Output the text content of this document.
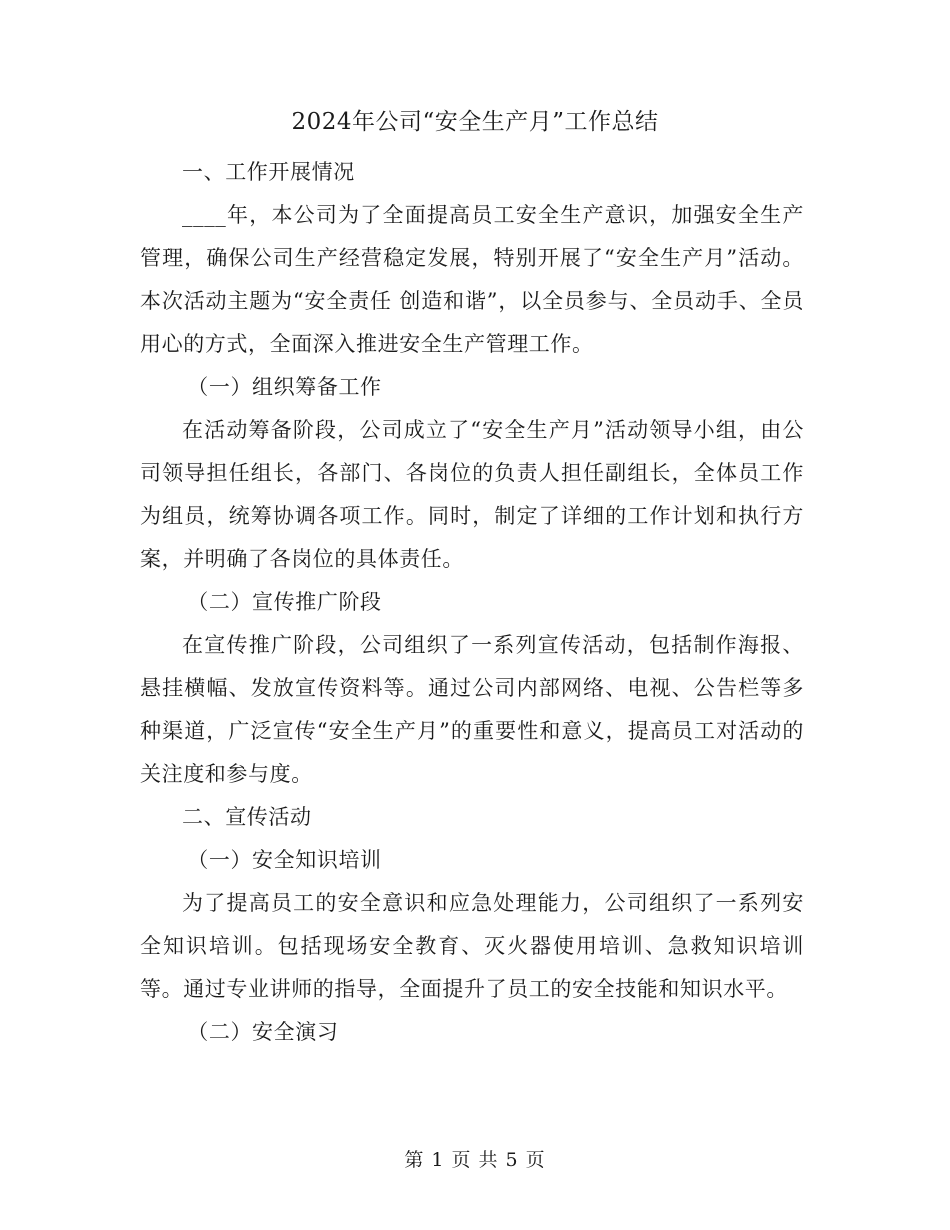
2024年公司“安全生产月”工作总结

一、工作开展情况

____年，本公司为了全面提高员工安全生产意识，加强安全生产管理，确保公司生产经营稳定发展，特别开展了“安全生产月”活动。本次活动主题为“安全责任 创造和谐”，以全员参与、全员动手、全员用心的方式，全面深入推进安全生产管理工作。

（一）组织筹备工作

在活动筹备阶段，公司成立了“安全生产月”活动领导小组，由公司领导担任组长，各部门、各岗位的负责人担任副组长，全体员工作为组员，统筹协调各项工作。同时，制定了详细的工作计划和执行方案，并明确了各岗位的具体责任。

（二）宣传推广阶段

在宣传推广阶段，公司组织了一系列宣传活动，包括制作海报、悬挂横幅、发放宣传资料等。通过公司内部网络、电视、公告栏等多种渠道，广泛宣传“安全生产月”的重要性和意义，提高员工对活动的关注度和参与度。

二、宣传活动

（一）安全知识培训

为了提高员工的安全意识和应急处理能力，公司组织了一系列安全知识培训。包括现场安全教育、灭火器使用培训、急救知识培训等。通过专业讲师的指导，全面提升了员工的安全技能和知识水平。

（二）安全演习

第 1 页 共 5 页
